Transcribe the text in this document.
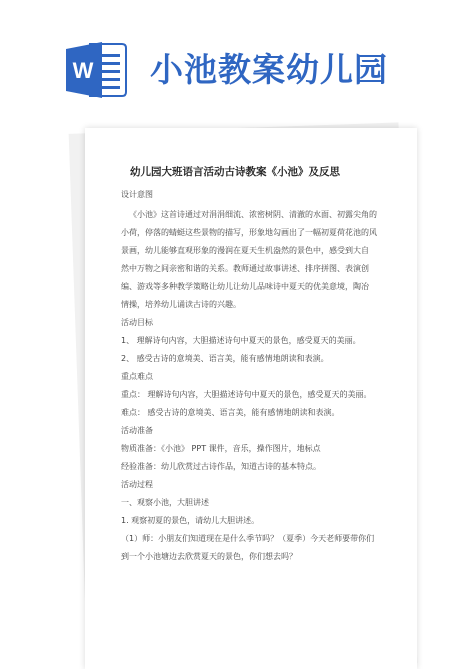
W 小池教案幼儿园
幼儿园大班语言活动古诗教案《小池》及反思
设计意图
《小池》这首诗通过对涓涓细流、浓密树阴、清澈的水面、初露尖角的
小荷，停落的蜻蜓这些景物的描写，形象地勾画出了一幅初夏荷花池的风
景画，幼儿能够直观形象的漫润在夏天生机盎然的景色中，感受到大自
然中万物之间亲密和谐的关系。教师通过故事讲述、排序拼图、表演创
编、游戏等多种教学策略让幼儿让幼儿品味诗中夏天的优美意境，陶冶
情操，培养幼儿诵读古诗的兴趣。
活动目标
1、 理解诗句内容，大胆描述诗句中夏天的景色，感受夏天的美丽。
2、 感受古诗的意境美、语言美，能有感情地朗读和表演。
重点难点
重点： 理解诗句内容，大胆描述诗句中夏天的景色，感受夏天的美丽。
难点： 感受古诗的意境美、语言美，能有感情地朗读和表演。
活动准备
物质准备：《小池》 PPT 课件，音乐，操作图片，地标点
经验准备：幼儿欣赏过古诗作品，知道古诗的基本特点。
活动过程
一、观察小池，大胆讲述
1. 观察初夏的景色，请幼儿大胆讲述。
（1）师：小朋友们知道现在是什么季节吗？（夏季）今天老师要带你们
到一个小池塘边去欣赏夏天的景色，你们想去吗？
